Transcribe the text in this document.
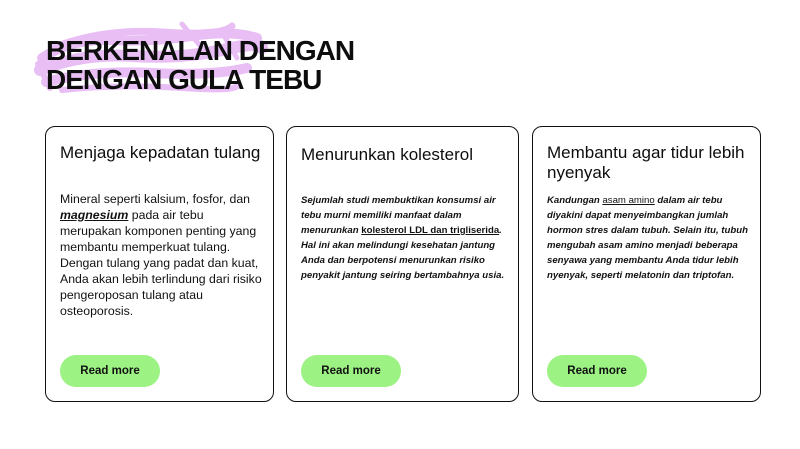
BERKENALAN DENGAN
DENGAN GULA TEBU
Menjaga kepadatan tulang

Mineral seperti kalsium, fosfor, dan magnesium pada air tebu merupakan komponen penting yang membantu memperkuat tulang.
Dengan tulang yang padat dan kuat, Anda akan lebih terlindung dari risiko pengeroposan tulang atau osteoporosis.

Read more
Menurunkan kolesterol

Sejumlah studi membuktikan konsumsi air tebu murni memiliki manfaat dalam menurunkan kolesterol LDL dan trigliserida.
Hal ini akan melindungi kesehatan jantung Anda dan berpotensi menurunkan risiko penyakit jantung seiring bertambahnya usia.

Read more
Membantu agar tidur lebih nyenyak

Kandungan asam amino dalam air tebu diyakini dapat menyeimbangkan jumlah hormon stres dalam tubuh. Selain itu, tubuh mengubah asam amino menjadi beberapa senyawa yang membantu Anda tidur lebih nyenyak, seperti melatonin dan triptofan.

Read more
